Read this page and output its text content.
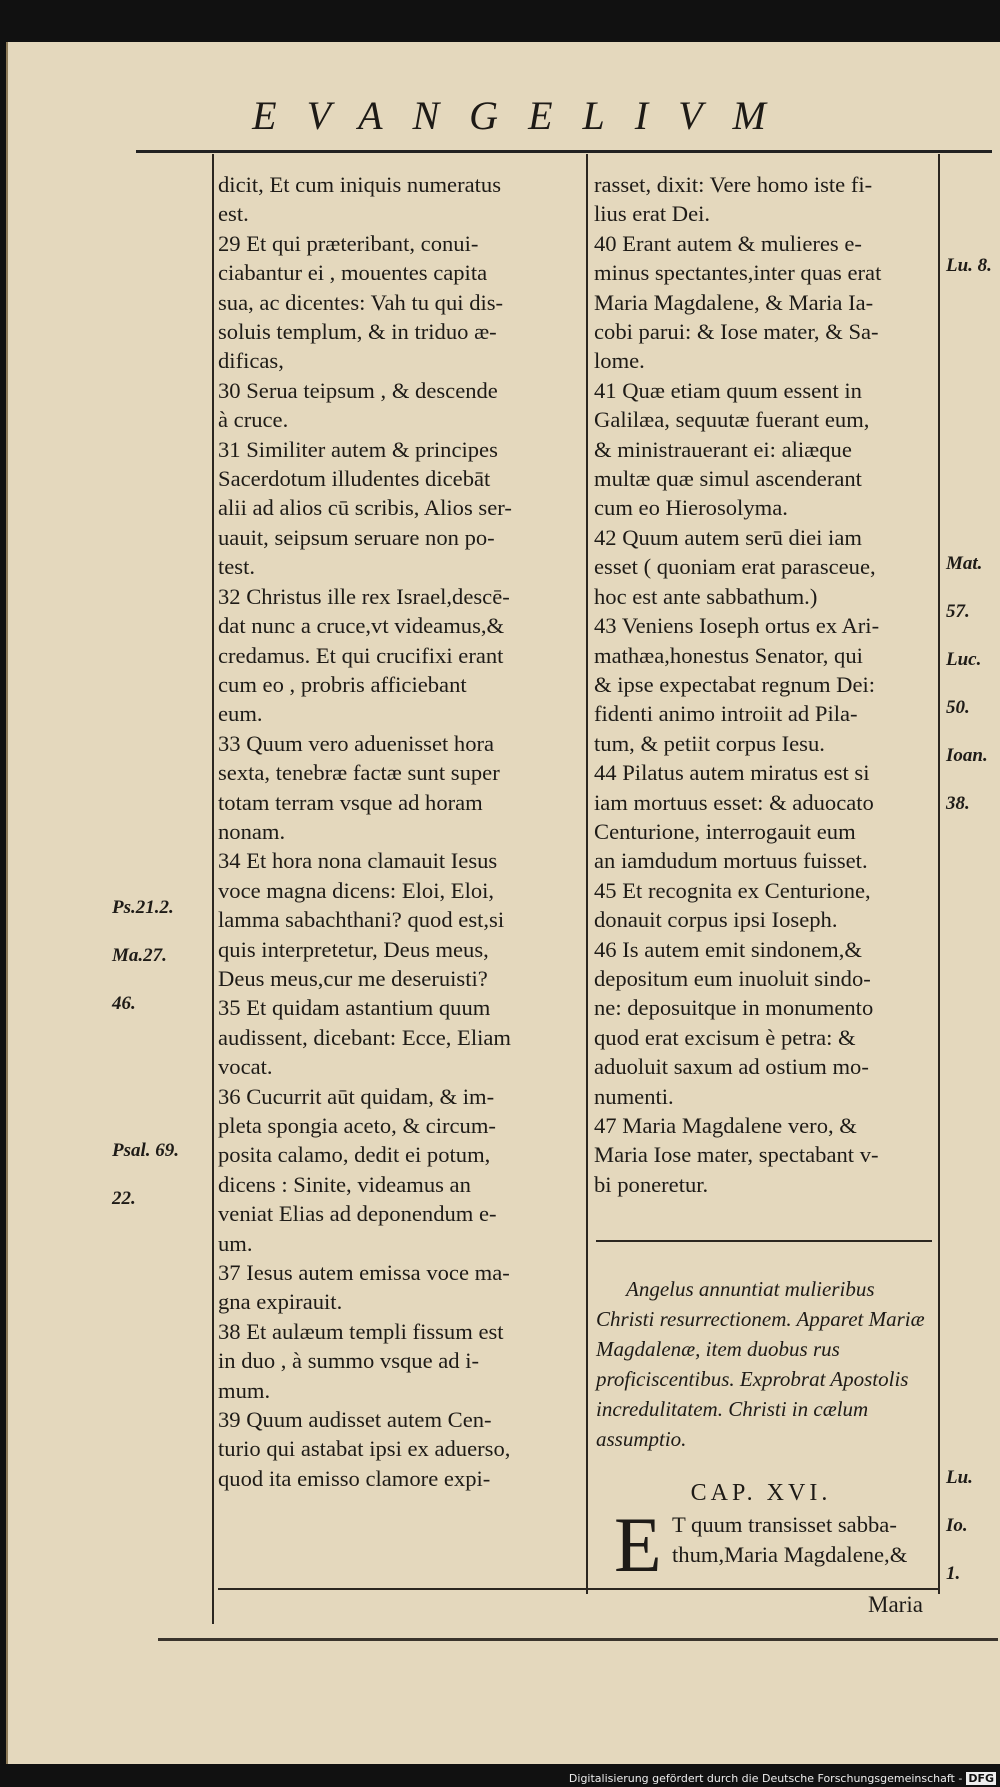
EVANGELIVM

dicit, Et cum iniquis numeratus

est.

29 Et qui præteribant, conui-

ciabantur ei , mouentes capita

sua, ac dicentes: Vah tu qui dis-

soluis templum, & in triduo æ-

dificas,

30 Serua teipsum , & descende

à cruce.

31 Similiter autem & principes

Sacerdotum illudentes dicebāt

alii ad alios cū scribis, Alios ser-

uauit, seipsum seruare non po-

test.

32 Christus ille rex Israel,descē-

dat nunc a cruce,vt videamus,&

credamus. Et qui crucifixi erant

cum eo , probris afficiebant

eum.

33 Quum vero aduenisset hora

sexta, tenebræ factæ sunt super

totam terram vsque ad horam

nonam.

34 Et hora nona clamauit Iesus

voce magna dicens: Eloi, Eloi,

lamma sabachthani? quod est,si

quis interpretetur, Deus meus,

Deus meus,cur me deseruisti?

35 Et quidam astantium quum

audissent, dicebant: Ecce, Eliam

vocat.

36 Cucurrit aūt quidam, & im-

pleta spongia aceto, & circum-

posita calamo, dedit ei potum,

dicens : Sinite, videamus an

veniat Elias ad deponendum e-

um.

37 Iesus autem emissa voce ma-

gna expirauit.

38 Et aulæum templi fissum est

in duo , à summo vsque ad i-

mum.

39 Quum audisset autem Cen-

turio qui astabat ipsi ex aduerso,

quod ita emisso clamore expi-

rasset, dixit: Vere homo iste fi-

lius erat Dei.

40 Erant autem & mulieres e-

minus spectantes,inter quas erat

Maria Magdalene, & Maria Ia-

cobi parui: & Iose mater, & Sa-

lome.

41 Quæ etiam quum essent in

Galilæa, sequutæ fuerant eum,

& ministrauerant ei: aliæque

multæ quæ simul ascenderant

cum eo Hierosolyma.

42 Quum autem serū diei iam

esset ( quoniam erat parasceue,

hoc est ante sabbathum.)

43 Veniens Ioseph ortus ex Ari-

mathæa,honestus Senator, qui

& ipse expectabat regnum Dei:

fidenti animo introiit ad Pila-

tum, & petiit corpus Iesu.

44 Pilatus autem miratus est si

iam mortuus esset: & aduocato

Centurione, interrogauit eum

an iamdudum mortuus fuisset.

45 Et recognita ex Centurione,

donauit corpus ipsi Ioseph.

46 Is autem emit sindonem,&

depositum eum inuoluit sindo-

ne: deposuitque in monumento

quod erat excisum è petra: &

aduoluit saxum ad ostium mo-

numenti.

47 Maria Magdalene vero, &

Maria Iose mater, spectabant v-

bi poneretur.

Ps.21.2.

Ma.27.

46.

Psal. 69.

22.

Lu. 8.

Mat.

57.

Luc.

50.

Ioan.

38.

Lu.

Io.

1.

Angelus annuntiat mulieribus Christi resurrectionem. Apparet Mariæ Magdalenæ, item duobus rus proficiscentibus. Exprobrat Apostolis incredulitatem. Christi in cælum assumptio.
CAP. XVI.
E T quum transisset sabba-
thum,Maria Magdalene,&
Maria
Digitalisierung gefördert durch die Deutsche Forschungsgemeinschaft - DFG
